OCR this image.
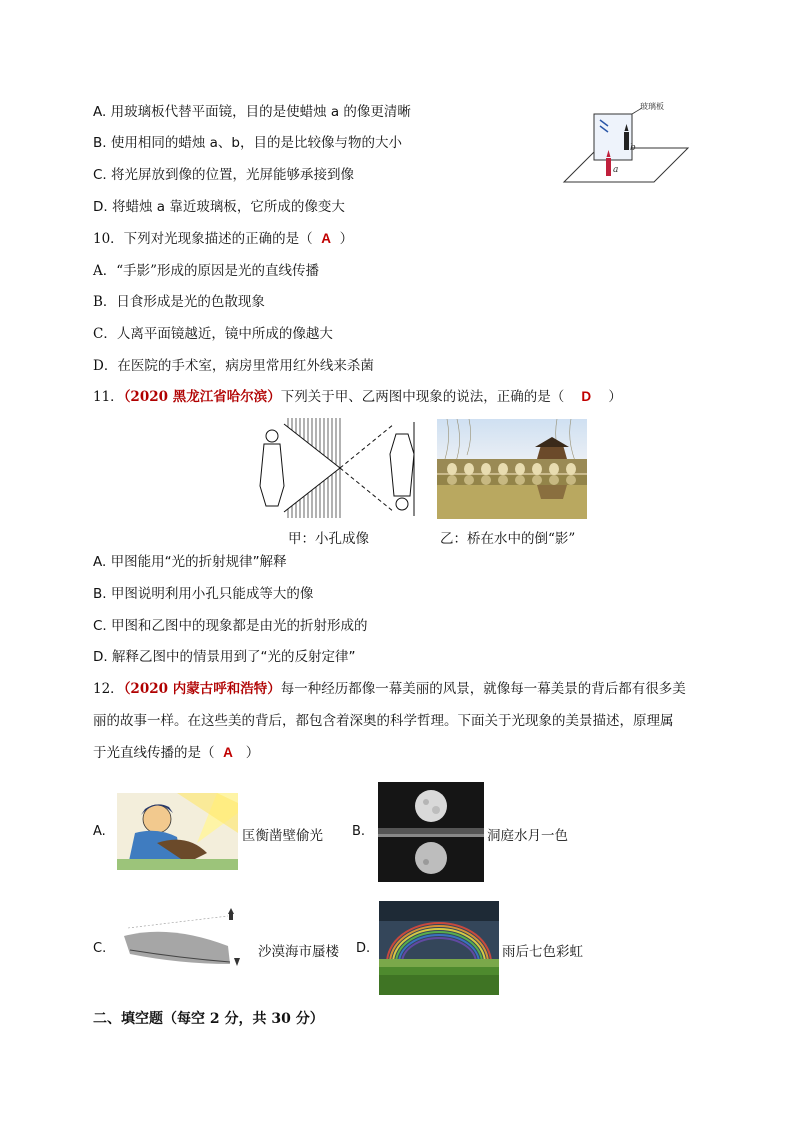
A. 用玻璃板代替平面镜，目的是使蜡烛 a 的像更清晰
B. 使用相同的蜡烛 a、b，目的是比较像与物的大小
C. 将光屏放到像的位置，光屏能够承接到像
D. 将蜡烛 a 靠近玻璃板，它所成的像变大
玻璃板
b
a
10．下列对光现象描述的正确的是（ A ）
A．“手影”形成的原因是光的直线传播
B．日食形成是光的色散现象
C．人离平面镜越近，镜中所成的像越大
D．在医院的手术室，病房里常用红外线来杀菌
11．（2020 黑龙江省哈尔滨）下列关于甲、乙两图中现象的说法，正确的是（ D ）
甲：小孔成像	乙：桥在水中的倒“影”
A. 甲图能用“光的折射规律”解释
B. 甲图说明利用小孔只能成等大的像
C. 甲图和乙图中的现象都是由光的折射形成的
D. 解释乙图中的情景用到了“光的反射定律”
12．（2020 内蒙古呼和浩特）每一种经历都像一幕美丽的风景，就像每一幕美景的背后都有很多美
丽的故事一样。在这些美的背后，都包含着深奥的科学哲理。下面关于光现象的美景描述，原理属
于光直线传播的是（ A ）
A.	匡衡凿壁偷光 B.	洞庭水月一色
C.	沙漠海市蜃楼 D.	雨后七色彩虹
二、填空题（每空 2 分，共 30 分）
